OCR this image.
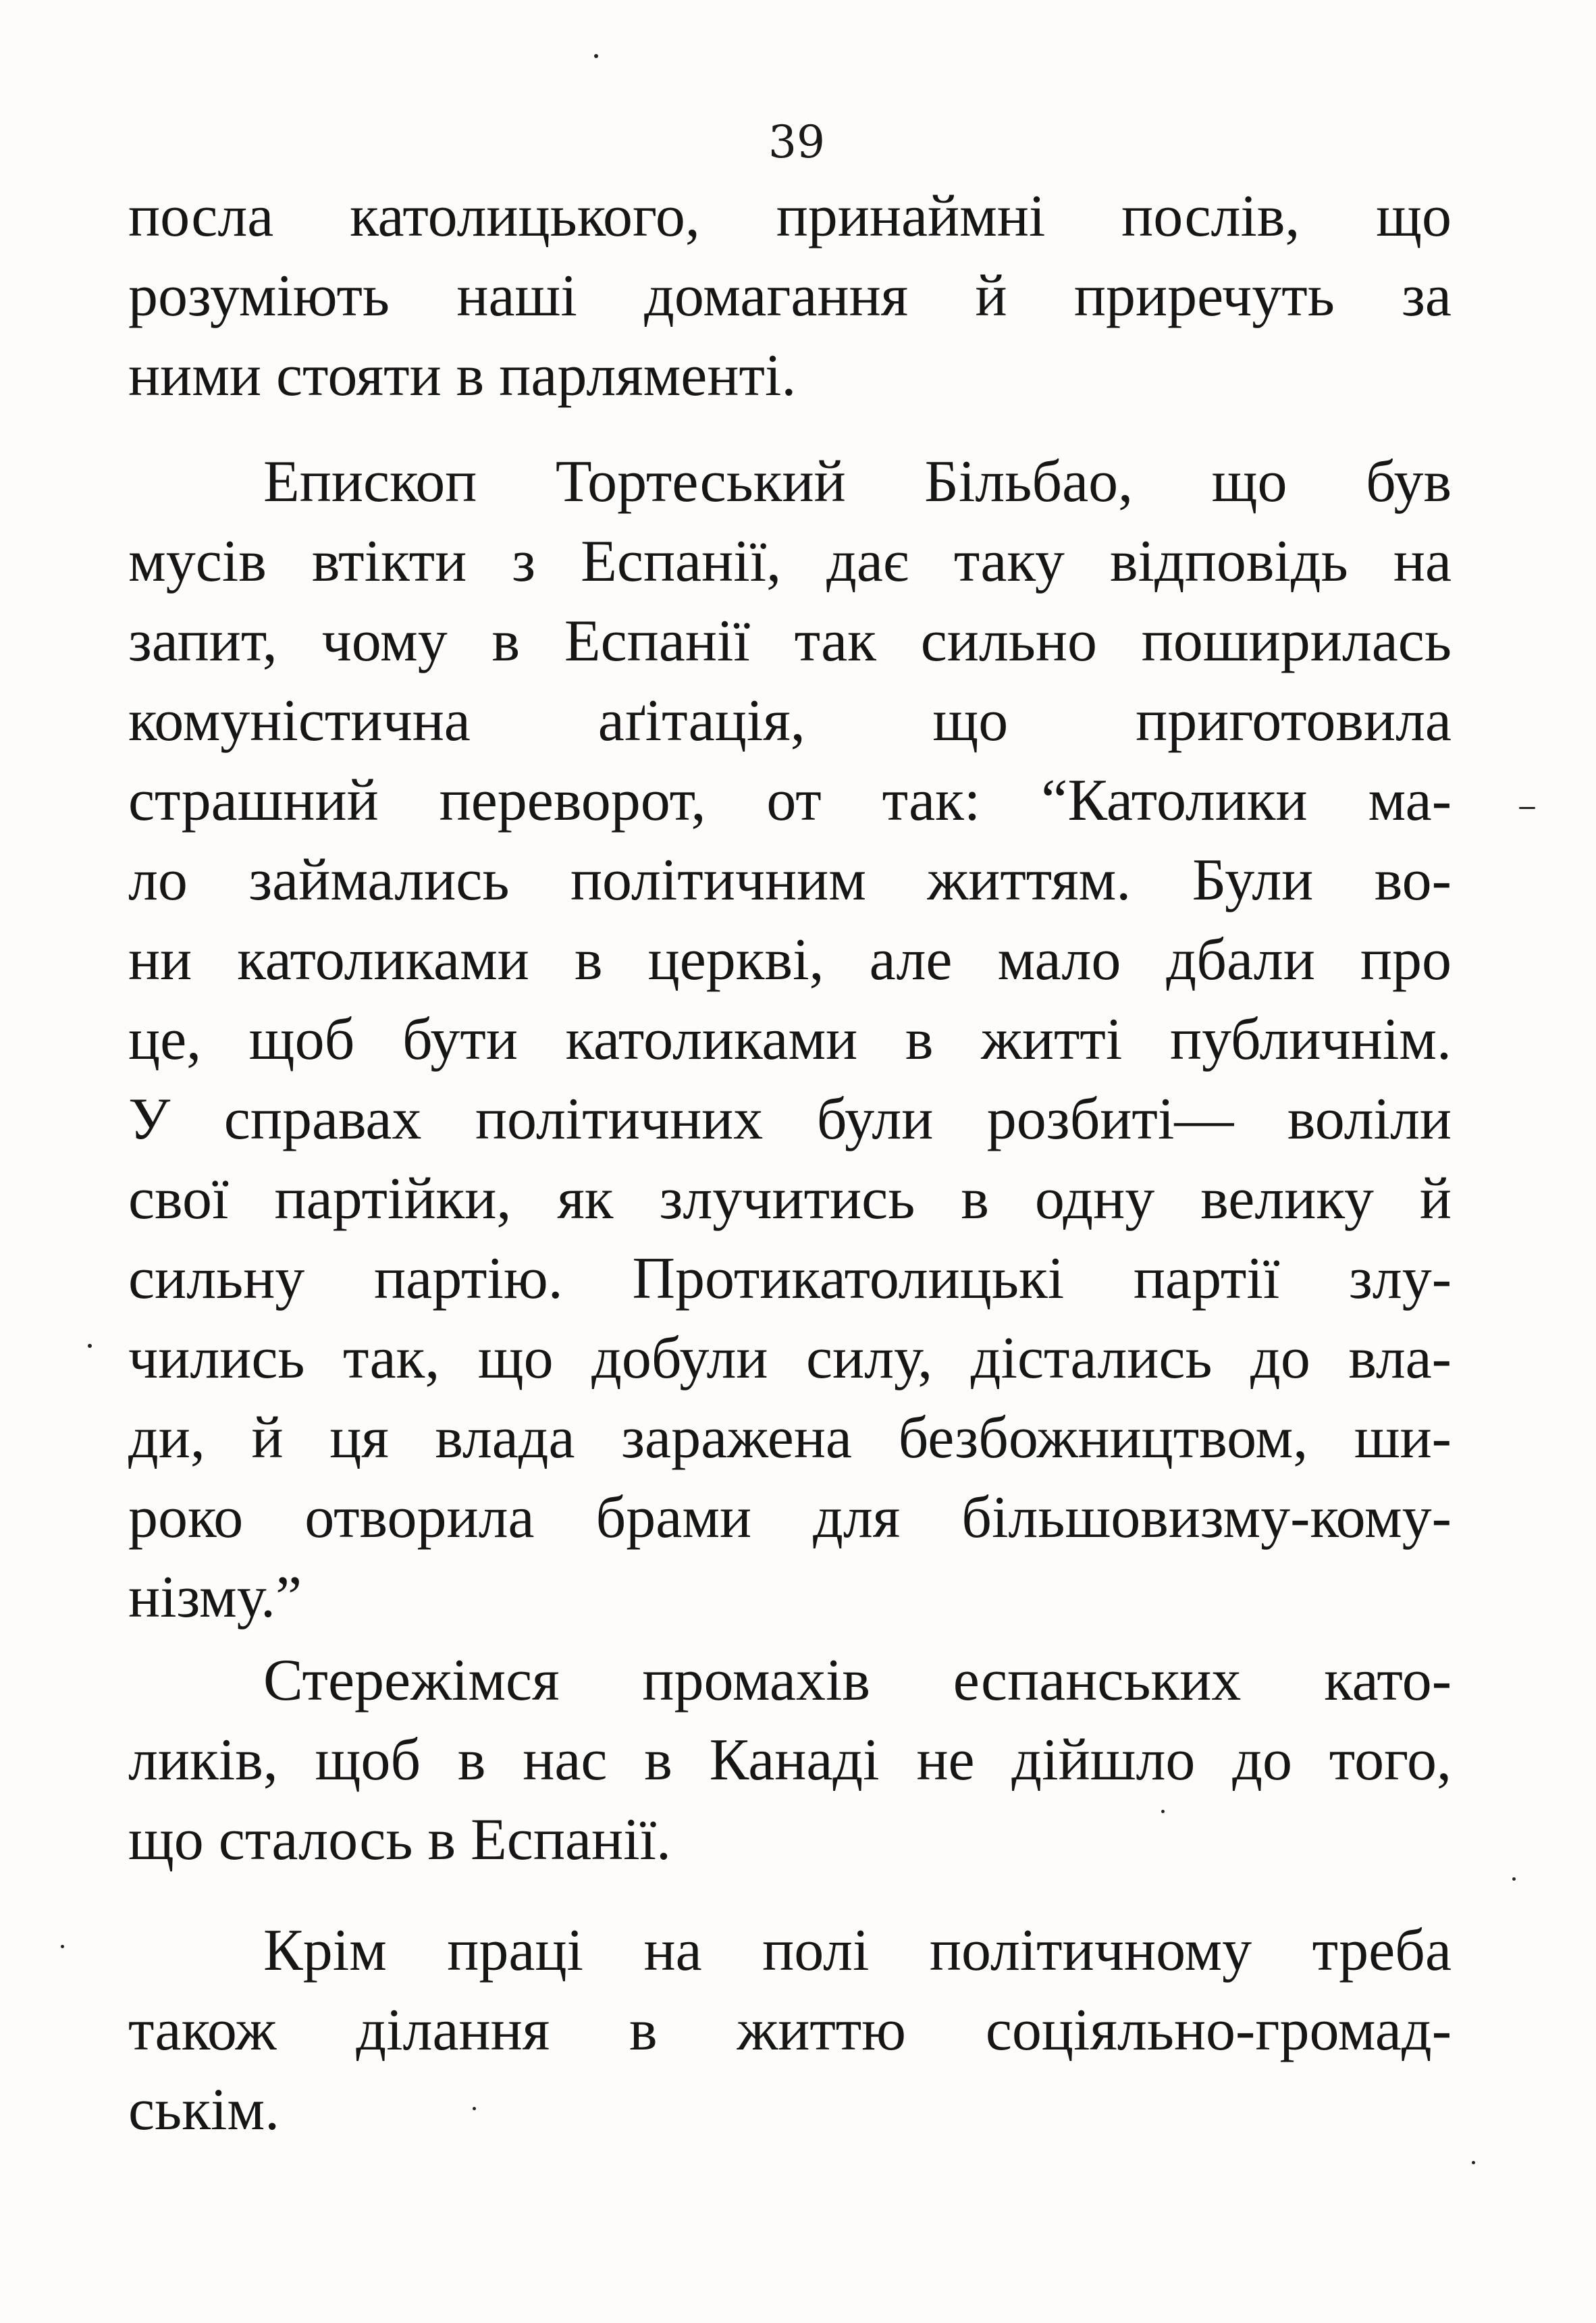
39
посла католицького, принаймні послів, що
розуміють наші домагання й приречуть за
ними стояти в парляменті.
Епископ Тортеський Більбао, що був
мусів втікти з Еспанії, дає таку відповідь на
запит, чому в Еспанії так сильно поширилась
комуністична аґітація, що приготовила
страшний переворот, от так: “Католики ма-
ло займались політичним життям. Були во-
ни католиками в церкві, але мало дбали про
це, щоб бути католиками в житті публичнім.
У справах політичних були розбиті— воліли
свої партійки, як злучитись в одну велику й
сильну партію. Протикатолицькі партії злу-
чились так, що добули силу, дістались до вла-
ди, й ця влада заражена безбожництвом, ши-
роко отворила брами для більшовизму-кому-
нізму.”
Стережімся промахів еспанських като-
ликів, щоб в нас в Канаді не дійшло до того,
що сталось в Еспанії.
Крім праці на полі політичному треба
також ділання в життю соціяльно-громад-
ськім.
